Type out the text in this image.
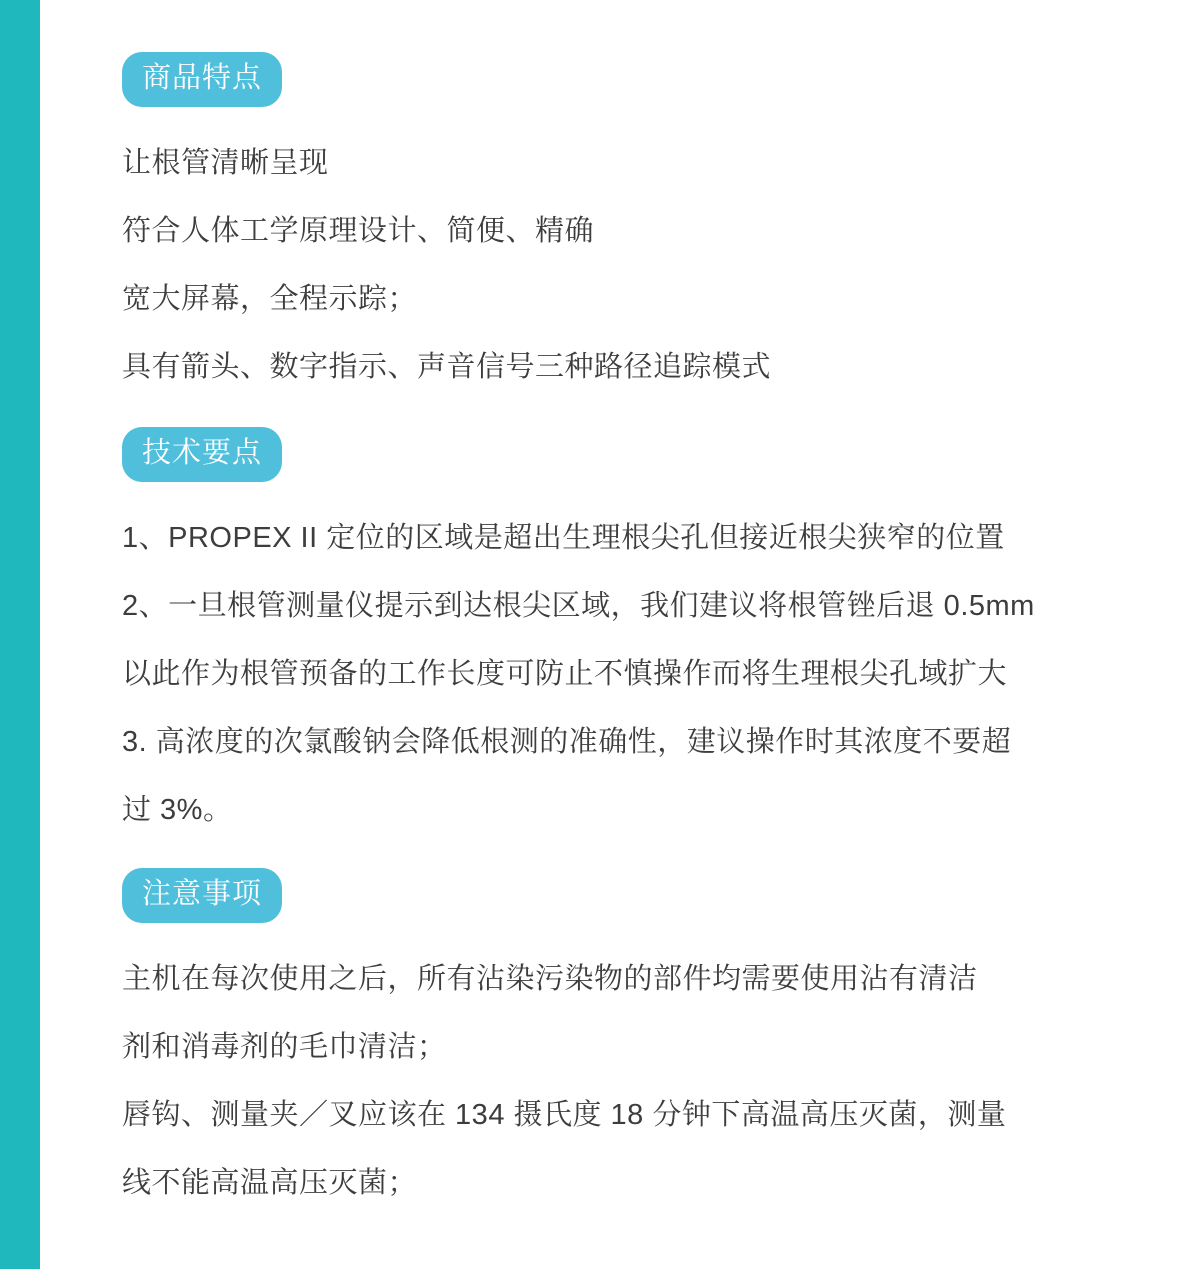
商品特点
让根管清晰呈现
符合人体工学原理设计、简便、精确
宽大屏幕，全程示踪；
具有箭头、数字指示、声音信号三种路径追踪模式
技术要点
1、PROPEX II 定位的区域是超出生理根尖孔但接近根尖狭窄的位置
2、一旦根管测量仪提示到达根尖区域，我们建议将根管锉后退 0.5mm
以此作为根管预备的工作长度可防止不慎操作而将生理根尖孔域扩大
3. 高浓度的次氯酸钠会降低根测的准确性，建议操作时其浓度不要超
过 3%。
注意事项
主机在每次使用之后，所有沾染污染物的部件均需要使用沾有清洁
剂和消毒剂的毛巾清洁；
唇钩、测量夹／叉应该在 134 摄氏度 18 分钟下高温高压灭菌，测量
线不能高温高压灭菌；
